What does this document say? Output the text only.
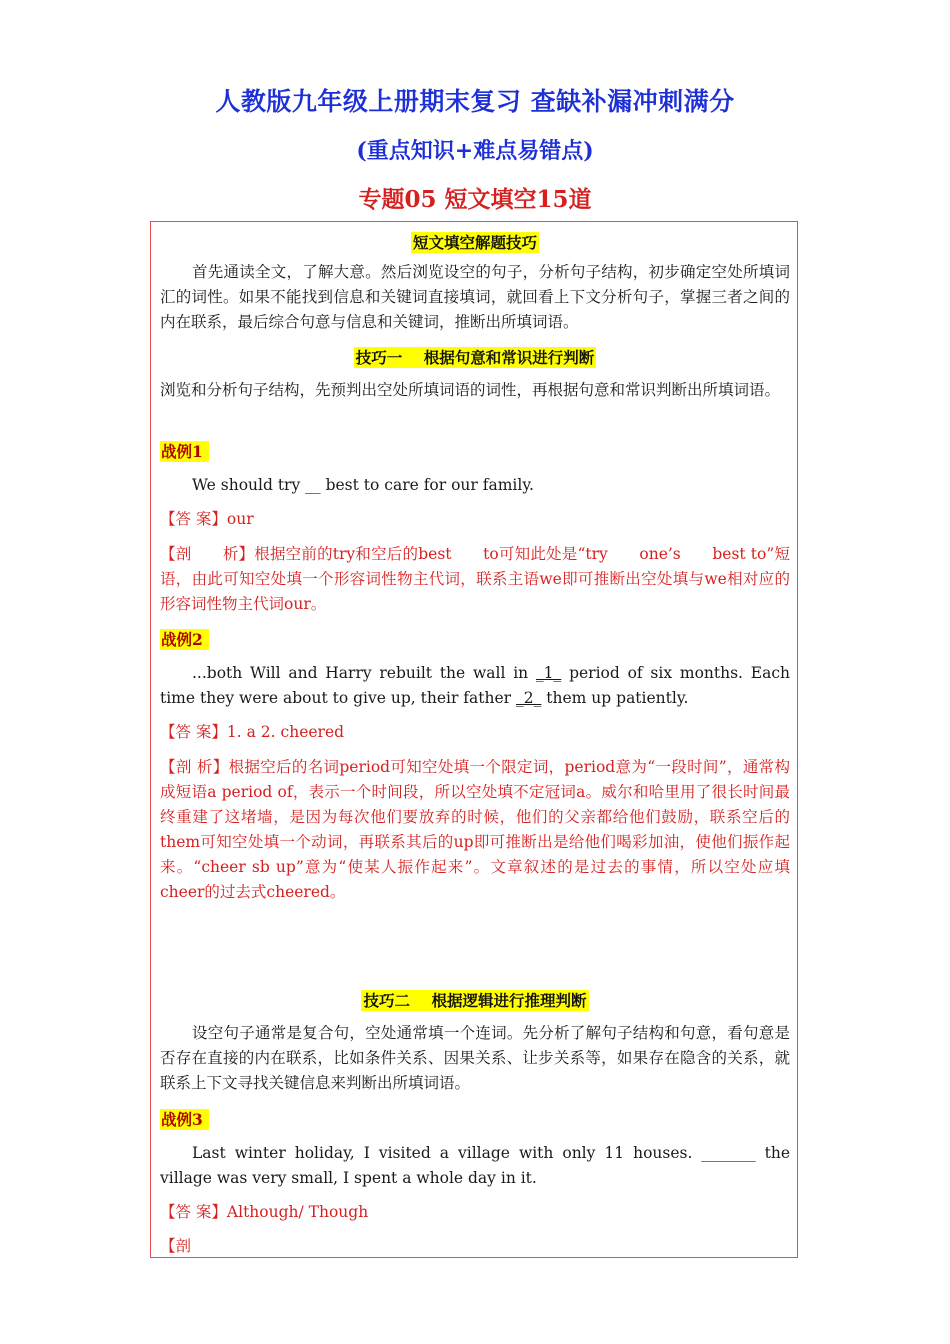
人教版九年级上册期末复习 查缺补漏冲刺满分
(重点知识+难点易错点)
专题05 短文填空15道
短文填空解题技巧
首先通读全文，了解大意。然后浏览设空的句子，分析句子结构，初步确定空处所填词汇的词性。如果不能找到信息和关键词直接填词，就回看上下文分析句子，掌握三者之间的内在联系，最后综合句意与信息和关键词，推断出所填词语。
技巧一    根据句意和常识进行判断
浏览和分析句子结构，先预判出空处所填词语的词性，再根据句意和常识判断出所填词语。
战例1
We should try __ best to care for our family.
【答 案】our
【剖　　析】根据空前的try和空后的best　　to可知此处是“try　　one’s　　best to”短语，由此可知空处填一个形容词性物主代词，联系主语we即可推断出空处填与we相对应的形容词性物主代词our。
战例2
...both Will and Harry rebuilt the wall in _1_ period of six months. Each time they were about to give up, their father _2_ them up patiently.
【答 案】1. a 2. cheered
【剖 析】根据空后的名词period可知空处填一个限定词，period意为“一段时间”，通常构成短语a period of，表示一个时间段，所以空处填不定冠词a。威尔和哈里用了很长时间最终重建了这堵墙，是因为每次他们要放弃的时候，他们的父亲都给他们鼓励，联系空后的them可知空处填一个动词，再联系其后的up即可推断出是给他们喝彩加油，使他们振作起来。“cheer sb up”意为“使某人振作起来”。文章叙述的是过去的事情，所以空处应填cheer的过去式cheered。
技巧二    根据逻辑进行推理判断
设空句子通常是复合句，空处通常填一个连词。先分析了解句子结构和句意，看句意是否存在直接的内在联系，比如条件关系、因果关系、让步关系等，如果存在隐含的关系，就联系上下文寻找关键信息来判断出所填词语。
战例3
Last winter holiday, I visited a village with only 11 houses. _______ the village was very small, I spent a whole day in it.
【答 案】Although/ Though
【剖
